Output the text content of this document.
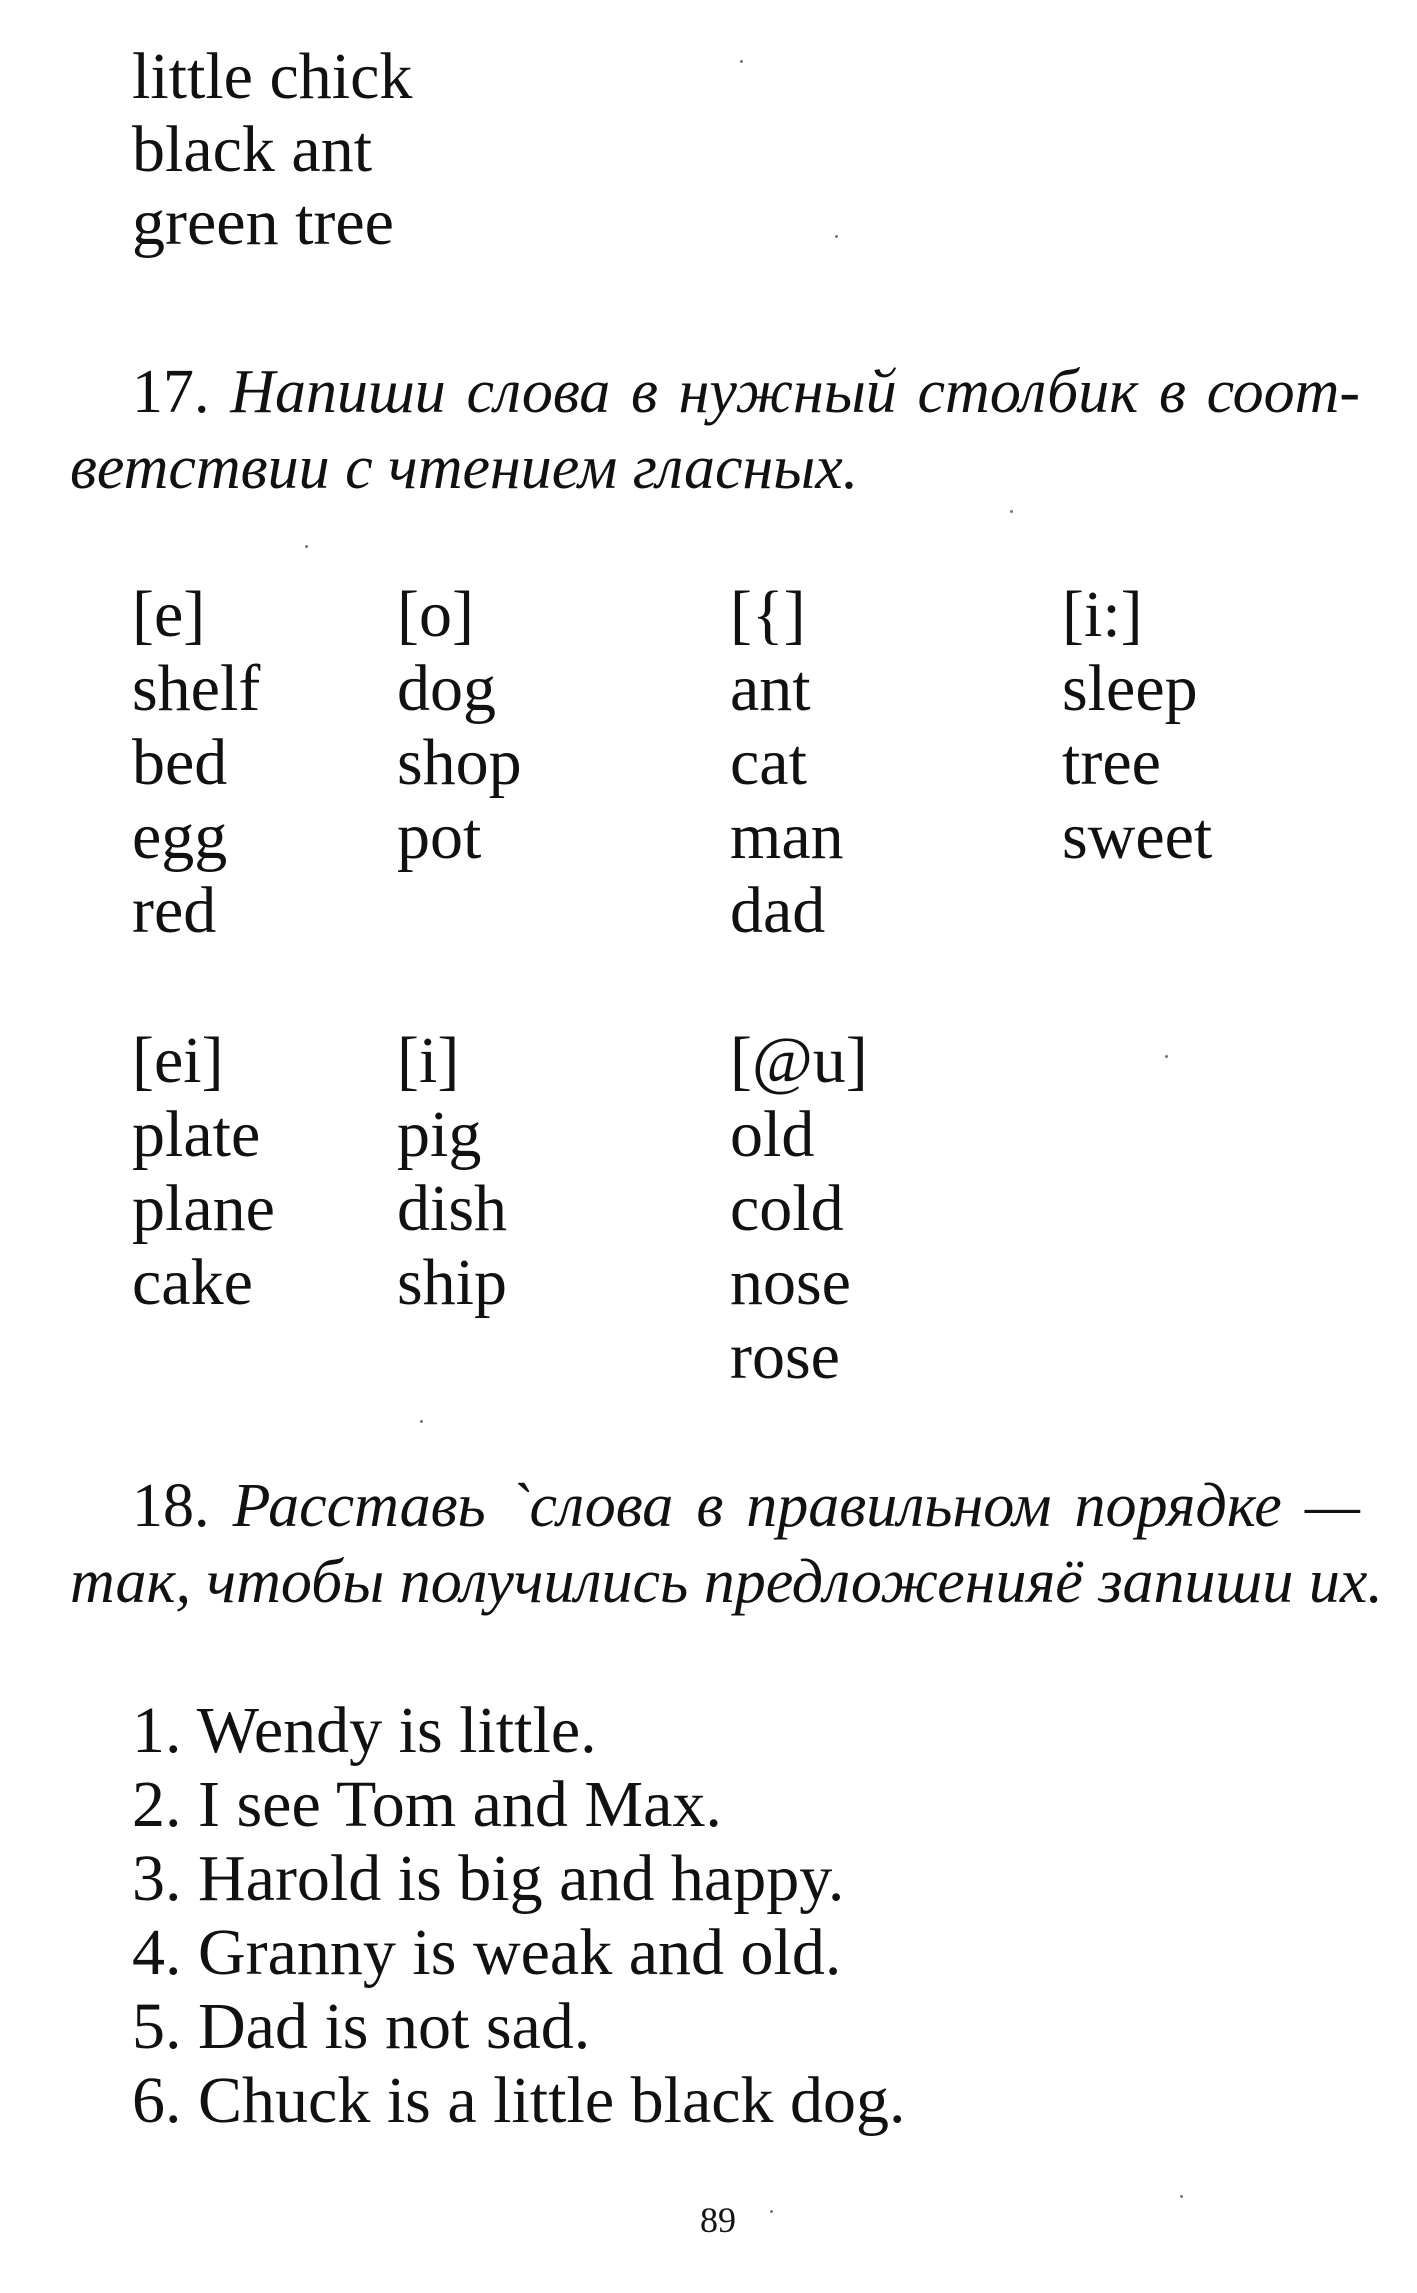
little chick
black ant
green tree
17. Напиши слова в нужный столбик в соот-
ветствии с чтением гласных.
[e]
shelf
bed
egg
red
[o]
dog
shop
pot
[{]
ant
cat
man
dad
[i:]
sleep
tree
sweet
[ei]
plate
plane
cake
[i]
pig
dish
ship
[@u]
old
cold
nose
rose
18. Расставь `слова в правильном порядке —
так, чтобы получились предложенияё запиши их.
1. Wendy is little.
2. I see Tom and Max.
3. Harold is big and happy.
4. Granny is weak and old.
5. Dad is not sad.
6. Chuck is a little black dog.
89
